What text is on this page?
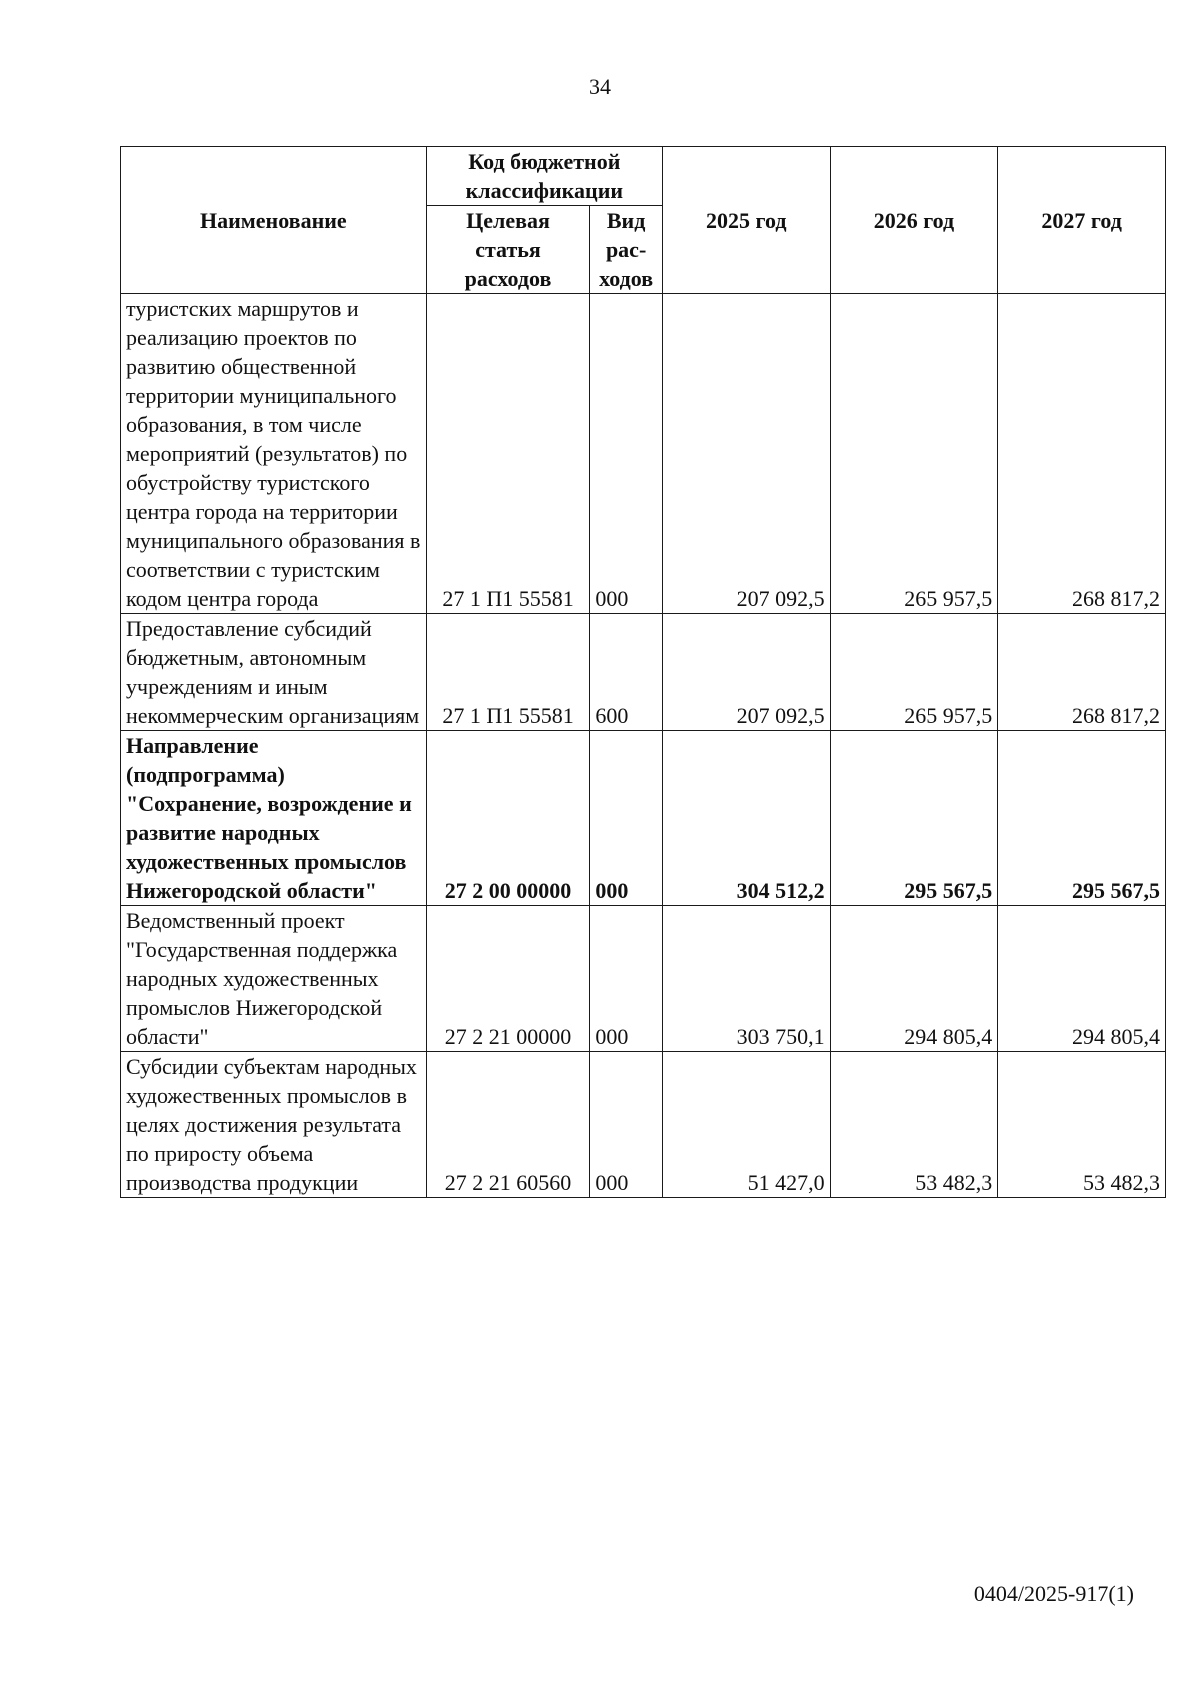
34
Наименование	Код бюджетной классификации		2025 год	2026 год	2027 год
	Целевая статья расходов	Вид рас-ходов			
туристских маршрутов и реализацию проектов по развитию общественной территории муниципального образования, в том числе мероприятий (результатов) по обустройству туристского центра города на территории муниципального образования в соответствии с туристским кодом центра города	27 1 П1 55581	000	207 092,5	265 957,5	268 817,2
Предоставление субсидий бюджетным, автономным учреждениям и иным некоммерческим организациям	27 1 П1 55581	600	207 092,5	265 957,5	268 817,2
Направление (подпрограмма) "Сохранение, возрождение и развитие народных художественных промыслов Нижегородской области"	27 2 00 00000	000	304 512,2	295 567,5	295 567,5
Ведомственный проект "Государственная поддержка народных художественных промыслов Нижегородской области"	27 2 21 00000	000	303 750,1	294 805,4	294 805,4
Субсидии субъектам народных художественных промыслов в целях достижения результата по приросту объема производства продукции	27 2 21 60560	000	51 427,0	53 482,3	53 482,3
0404/2025-917(1)
